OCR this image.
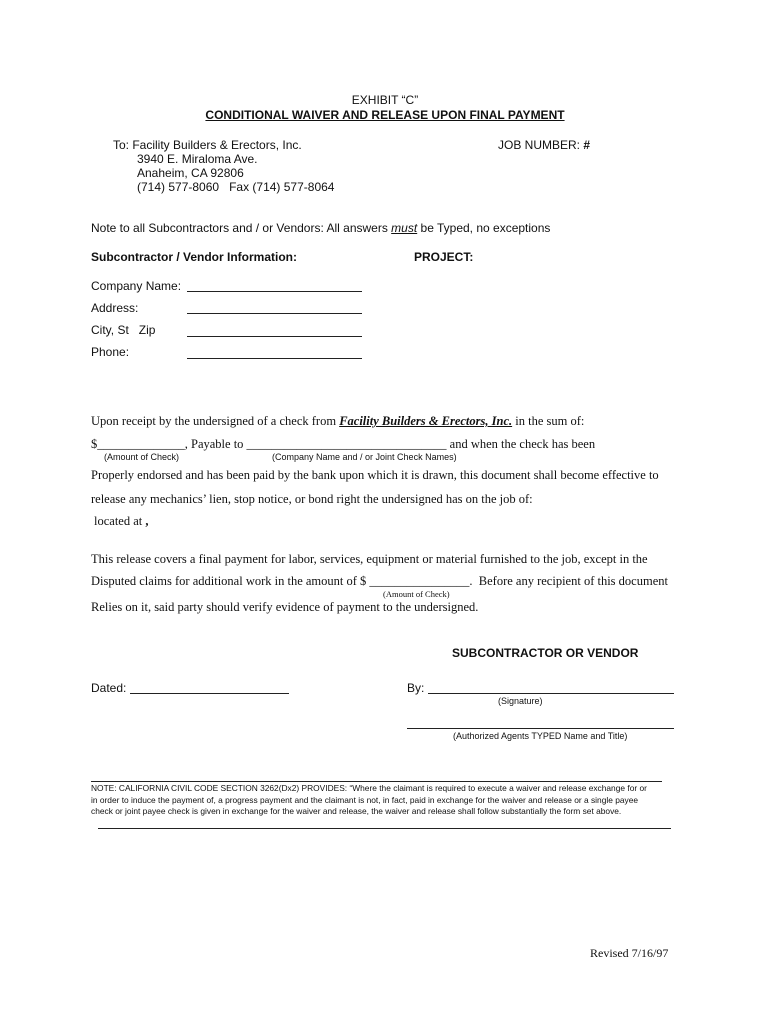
EXHIBIT “C”
CONDITIONAL WAIVER AND RELEASE UPON FINAL PAYMENT
To: Facility Builders & Erectors, Inc.
3940 E. Miraloma Ave.
Anaheim, CA 92806
(714) 577-8060   Fax (714) 577-8064
JOB NUMBER: #
Note to all Subcontractors and / or Vendors: All answers must be Typed, no exceptions
Subcontractor / Vendor Information:	PROJECT:
Company Name:
Address:
City, St   Zip
Phone:
Upon receipt by the undersigned of a check from Facility Builders & Erectors, Inc. in the sum of:
$______________, Payable to ________________________________ and when the check has been
(Amount of Check)	(Company Name and / or Joint Check Names)
Properly endorsed and has been paid by the bank upon which it is drawn, this document shall become effective to
release any mechanics’ lien, stop notice, or bond right the undersigned has on the job of:
located at ,
This release covers a final payment for labor, services, equipment or material furnished to the job, except in the
Disputed claims for additional work in the amount of $ ________________.  Before any recipient of this document
(Amount of Check)
Relies on it, said party should verify evidence of payment to the undersigned.
SUBCONTRACTOR OR VENDOR
Dated:	By:
(Signature)
(Authorized Agents TYPED Name and Title)
NOTE: CALIFORNIA CIVIL CODE SECTION 3262(Dx2) PROVIDES: “Where the claimant is required to execute a waiver and release exchange for or
in order to induce the payment of, a progress payment and the claimant is not, in fact, paid in exchange for the waiver and release or a single payee
check or joint payee check is given in exchange for the waiver and release, the waiver and release shall follow substantially the form set above.
Revised 7/16/97
